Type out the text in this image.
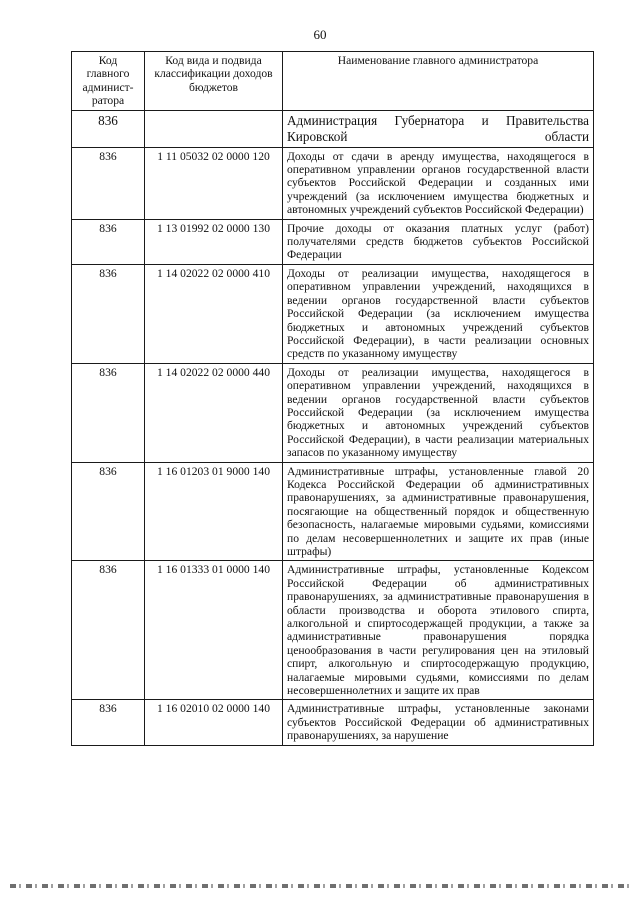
60
Код главного админист-ратора	Код вида и подвида классификации доходов бюджетов	Наименование главного администратора
836		Администрация Губернатора и Правительства Кировской области
836	1 11 05032 02 0000 120	Доходы от сдачи в аренду имущества, находящегося в оперативном управлении органов государственной власти субъектов Российской Федерации и созданных ими учреждений (за исключением имущества бюджетных и автономных учреждений субъектов Российской Федерации)
836	1 13 01992 02 0000 130	Прочие доходы от оказания платных услуг (работ) получателями средств бюджетов субъектов Российской Федерации
836	1 14 02022 02 0000 410	Доходы от реализации имущества, находящегося в оперативном управлении учреждений, находящихся в ведении органов государственной власти субъектов Российской Федерации (за исключением имущества бюджетных и автономных учреждений субъектов Российской Федерации), в части реализации основных средств по указанному имуществу
836	1 14 02022 02 0000 440	Доходы от реализации имущества, находящегося в оперативном управлении учреждений, находящихся в ведении органов государственной власти субъектов Российской Федерации (за исключением имущества бюджетных и автономных учреждений субъектов Российской Федерации), в части реализации материальных запасов по указанному имуществу
836	1 16 01203 01 9000 140	Административные штрафы, установленные главой 20 Кодекса Российской Федерации об административных правонарушениях, за административные правонарушения, посягающие на общественный порядок и общественную безопасность, налагаемые мировыми судьями, комиссиями по делам несовершеннолетних и защите их прав (иные штрафы)
836	1 16 01333 01 0000 140	Административные штрафы, установленные Кодексом Российской Федерации об административных правонарушениях, за административные правонарушения в области производства и оборота этилового спирта, алкогольной и спиртосодержащей продукции, а также за административные правонарушения порядка ценообразования в части регулирования цен на этиловый спирт, алкогольную и спиртосодержащую продукцию, налагаемые мировыми судьями, комиссиями по делам несовершеннолетних и защите их прав
836	1 16 02010 02 0000 140	Административные штрафы, установленные законами субъектов Российской Федерации об административных правонарушениях, за нарушение
